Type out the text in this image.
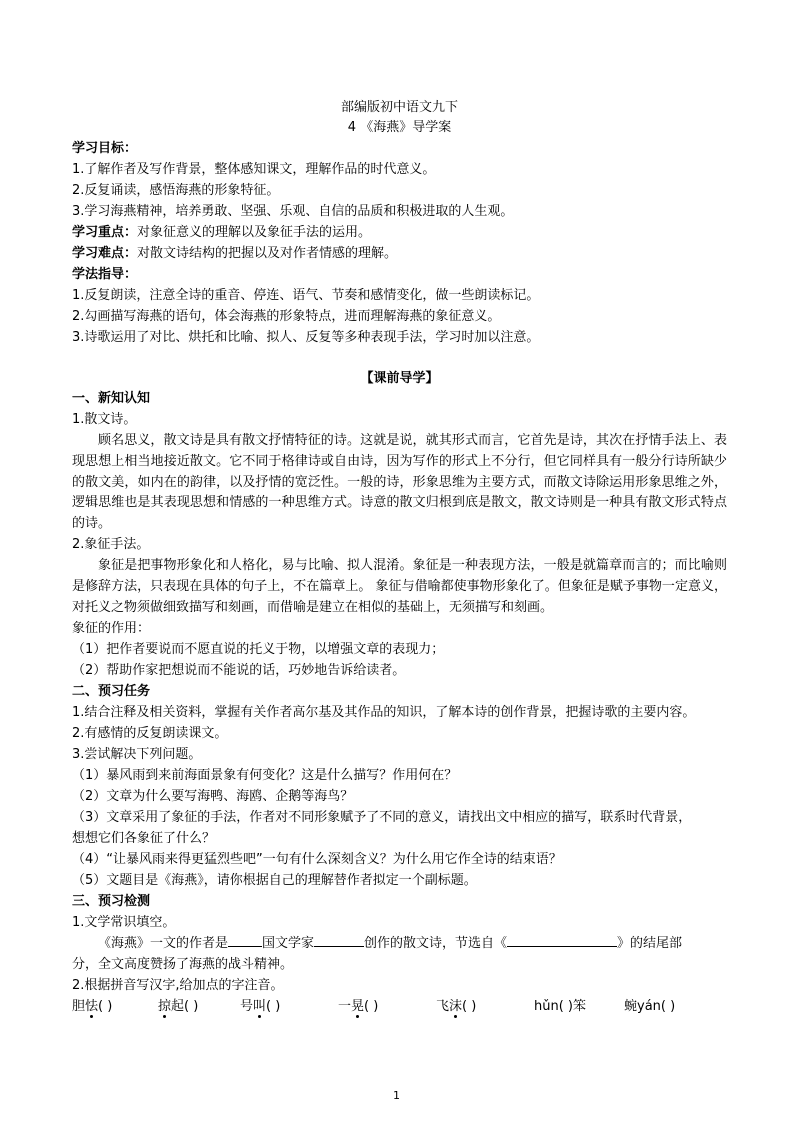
部编版初中语文九下
4 《海燕》导学案
学习目标：
1.了解作者及写作背景，整体感知课文，理解作品的时代意义。
2.反复诵读，感悟海燕的形象特征。
3.学习海燕精神，培养勇敢、坚强、乐观、自信的品质和积极进取的人生观。
学习重点：对象征意义的理解以及象征手法的运用。
学习难点：对散文诗结构的把握以及对作者情感的理解。
学法指导：
1.反复朗读，注意全诗的重音、停连、语气、节奏和感情变化，做一些朗读标记。
2.勾画描写海燕的语句，体会海燕的形象特点，进而理解海燕的象征意义。
3.诗歌运用了对比、烘托和比喻、拟人、反复等多种表现手法，学习时加以注意。
【课前导学】
一、新知认知
1.散文诗。
顾名思义，散文诗是具有散文抒情特征的诗。这就是说，就其形式而言，它首先是诗，其次在抒情手法上、表现思想上相当地接近散文。它不同于格律诗或自由诗，因为写作的形式上不分行，但它同样具有一般分行诗所缺少的散文美，如内在的韵律，以及抒情的宽泛性。一般的诗，形象思维为主要方式，而散文诗除运用形象思维之外，逻辑思维也是其表现思想和情感的一种思维方式。诗意的散文归根到底是散文，散文诗则是一种具有散文形式特点的诗。
2.象征手法。
象征是把事物形象化和人格化，易与比喻、拟人混淆。象征是一种表现方法，一般是就篇章而言的；而比喻则是修辞方法，只表现在具体的句子上，不在篇章上。 象征与借喻都使事物形象化了。但象征是赋予事物一定意义，对托义之物须做细致描写和刻画，而借喻是建立在相似的基础上，无须描写和刻画。
象征的作用：
（1）把作者要说而不愿直说的托义于物，以增强文章的表现力；
（2）帮助作家把想说而不能说的话，巧妙地告诉给读者。
二、预习任务
1.结合注释及相关资料，掌握有关作者高尔基及其作品的知识，了解本诗的创作背景，把握诗歌的主要内容。
2.有感情的反复朗读课文。
3.尝试解决下列问题。
（1）暴风雨到来前海面景象有何变化？这是什么描写？作用何在？
（2）文章为什么要写海鸭、海鸥、企鹅等海鸟？
（3）文章采用了象征的手法，作者对不同形象赋予了不同的意义，请找出文中相应的描写，联系时代背景，
想想它们各象征了什么？
（4）“让暴风雨来得更猛烈些吧”一句有什么深刻含义？为什么用它作全诗的结束语？
（5）文题目是《海燕》，请你根据自己的理解替作者拟定一个副标题。
三、预习检测
1.文学常识填空。
《海燕》一文的作者是	国文学家	创作的散文诗，节选自《	》的结尾部
分，全文高度赞扬了海燕的战斗精神。
2.根据拼音写汉字,给加点的字注音。
胆怯( )	掠起( )	号叫( )	一晃( )	飞沫( )	hǔn( )笨	蜿yán( )
1
